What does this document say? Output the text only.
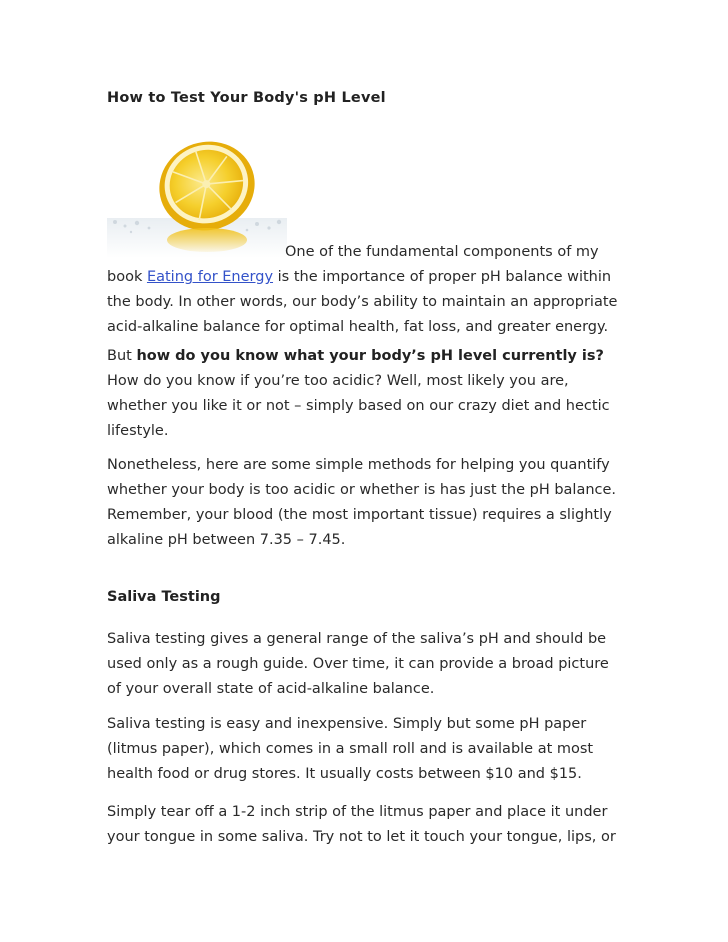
How to Test Your Body's pH Level
One of the fundamental components of my
book Eating for Energy is the importance of proper pH balance within
the body. In other words, our body’s ability to maintain an appropriate
acid-alkaline balance for optimal health, fat loss, and greater energy.
But how do you know what your body’s pH level currently is?
How do you know if you’re too acidic? Well, most likely you are,
whether you like it or not – simply based on our crazy diet and hectic
lifestyle.
Nonetheless, here are some simple methods for helping you quantify
whether your body is too acidic or whether is has just the pH balance.
Remember, your blood (the most important tissue) requires a slightly
alkaline pH between 7.35 – 7.45.
Saliva Testing
Saliva testing gives a general range of the saliva’s pH and should be
used only as a rough guide. Over time, it can provide a broad picture
of your overall state of acid-alkaline balance.
Saliva testing is easy and inexpensive. Simply but some pH paper
(litmus paper), which comes in a small roll and is available at most
health food or drug stores. It usually costs between $10 and $15.
Simply tear off a 1-2 inch strip of the litmus paper and place it under
your tongue in some saliva. Try not to let it touch your tongue, lips, or
